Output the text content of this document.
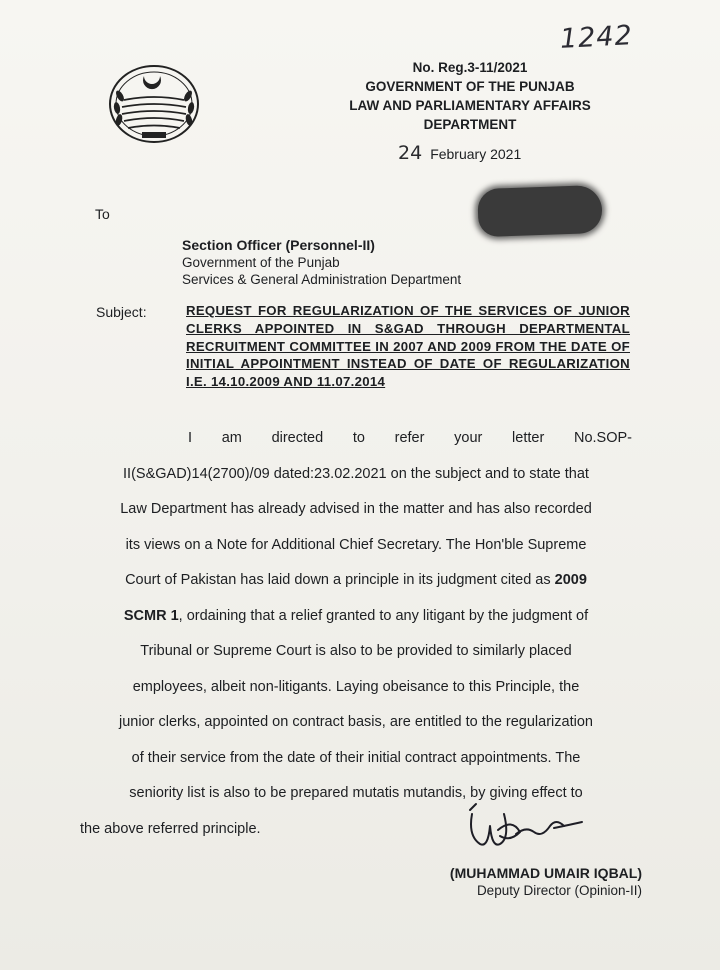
1242
No. Reg.3-11/2021
GOVERNMENT OF THE PUNJAB
LAW AND PARLIAMENTARY AFFAIRS
DEPARTMENT
24 February 2021
To
Section Officer (Personnel-II)
Government of the Punjab
Services & General Administration Department
Subject:	REQUEST FOR REGULARIZATION OF THE SERVICES OF JUNIOR CLERKS APPOINTED IN S&GAD THROUGH DEPARTMENTAL RECRUITMENT COMMITTEE IN 2007 AND 2009 FROM THE DATE OF INITIAL APPOINTMENT INSTEAD OF DATE OF REGULARIZATION I.E. 14.10.2009 AND 11.07.2014
I am directed to refer your letter No.SOP-
II(S&GAD)14(2700)/09 dated:23.02.2021 on the subject and to state that
Law Department has already advised in the matter and has also recorded
its views on a Note for Additional Chief Secretary. The Hon'ble Supreme
Court of Pakistan has laid down a principle in its judgment cited as 2009
SCMR 1, ordaining that a relief granted to any litigant by the judgment of
Tribunal or Supreme Court is also to be provided to similarly placed
employees, albeit non-litigants. Laying obeisance to this Principle, the
junior clerks, appointed on contract basis, are entitled to the regularization
of their service from the date of their initial contract appointments. The
seniority list is also to be prepared mutatis mutandis, by giving effect to
the above referred principle.
(MUHAMMAD UMAIR IQBAL)
Deputy Director (Opinion-II)
